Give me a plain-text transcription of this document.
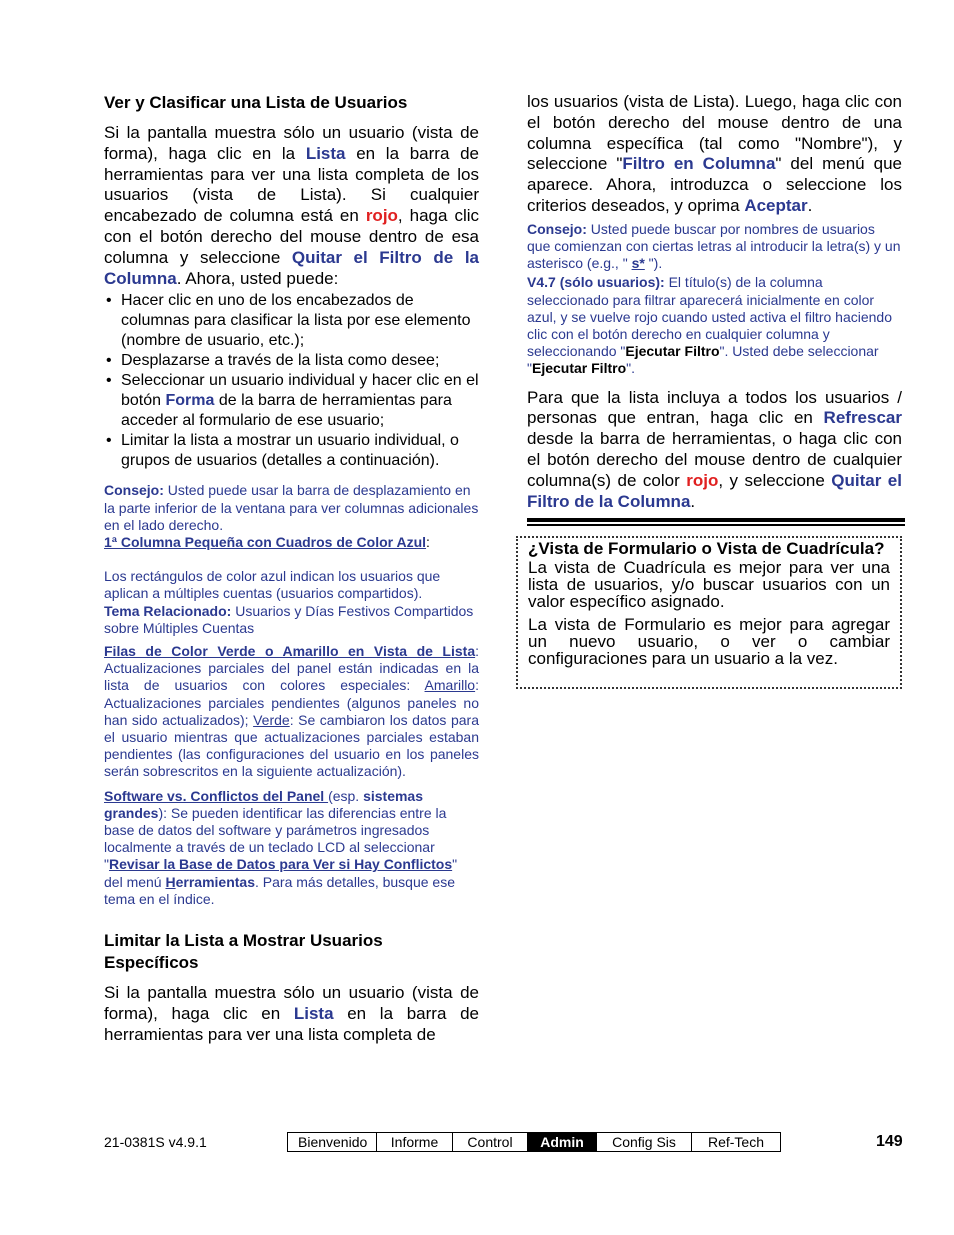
Ver y Clasificar una Lista de Usuarios

Si la pantalla muestra sólo un usuario (vista de forma), haga clic en la Lista en la barra de herramientas para ver una lista completa de los usuarios (vista de Lista). Si cualquier encabezado de columna está en rojo, haga clic con el botón derecho del mouse dentro de esa columna y seleccione Quitar el Filtro de la Columna. Ahora, usted puede:

• Hacer clic en uno de los encabezados de columnas para clasificar la lista por ese elemento (nombre de usuario, etc.);
• Desplazarse a través de la lista como desee;
• Seleccionar un usuario individual y hacer clic en el botón Forma de la barra de herramientas para acceder al formulario de ese usuario;
• Limitar la lista a mostrar un usuario individual, o grupos de usuarios (detalles a continuación).

Consejo: Usted puede usar la barra de desplazamiento en la parte inferior de la ventana para ver columnas adicionales en el lado derecho.
1ª Columna Pequeña con Cuadros de Color Azul:

Los rectángulos de color azul indican los usuarios que aplican a múltiples cuentas (usuarios compartidos).
Tema Relacionado: Usuarios y Días Festivos Compartidos sobre Múltiples Cuentas

Filas de Color Verde o Amarillo en Vista de Lista: Actualizaciones parciales del panel están indicadas en la lista de usuarios con colores especiales: Amarillo: Actualizaciones parciales pendientes (algunos paneles no han sido actualizados); Verde: Se cambiaron los datos para el usuario mientras que actualizaciones parciales estaban pendientes (las configuraciones del usuario en los paneles serán sobrescritos en la siguiente actualización).

Software vs. Conflictos del Panel (esp. sistemas grandes): Se pueden identificar las diferencias entre la base de datos del software y parámetros ingresados localmente a través de un teclado LCD al seleccionar "Revisar la Base de Datos para Ver si Hay Conflictos" del menú Herramientas. Para más detalles, busque ese tema en el índice.

Limitar la Lista a Mostrar Usuarios Específicos

Si la pantalla muestra sólo un usuario (vista de forma), haga clic en Lista en la barra de herramientas para ver una lista completa de

los usuarios (vista de Lista). Luego, haga clic con el botón derecho del mouse dentro de una columna específica (tal como "Nombre"), y seleccione "Filtro en Columna" del menú que aparece. Ahora, introduzca o seleccione los criterios deseados, y oprima Aceptar.

Consejo: Usted puede buscar por nombres de usuarios que comienzan con ciertas letras al introducir la letra(s) y un asterisco (e.g., " s* ").

V4.7 (sólo usuarios): El título(s) de la columna seleccionado para filtrar aparecerá inicialmente en color azul, y se vuelve rojo cuando usted activa el filtro haciendo clic con el botón derecho en cualquier columna y seleccionando "Ejecutar Filtro". Usted debe seleccionar "Ejecutar Filtro".

Para que la lista incluya a todos los usuarios / personas que entran, haga clic en Refrescar desde la barra de herramientas, o haga clic con el botón derecho del mouse dentro de cualquier columna(s) de color rojo, y seleccione Quitar el Filtro de la Columna.

¿Vista de Formulario o Vista de Cuadrícula?

La vista de Cuadrícula es mejor para ver una lista de usuarios, y/o buscar usuarios con un valor específico asignado.

La vista de Formulario es mejor para agregar un nuevo usuario, o ver o cambiar configuraciones para un usuario a la vez.

21-0381S v4.9.1	Bienvenido	Informe	Control	Admin	Config Sis	Ref-Tech	149
